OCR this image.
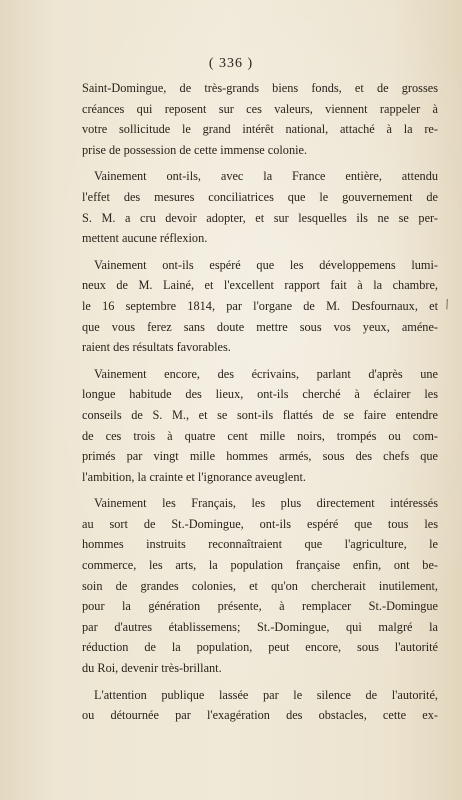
( 336 )
Saint-Domingue, de très-grands biens fonds, et de grosses
créances qui reposent sur ces valeurs, viennent rappeler à
votre sollicitude le grand intérêt national, attaché à la re-
prise de possession de cette immense colonie.
Vainement ont-ils, avec la France entière, attendu
l'effet des mesures conciliatrices que le gouvernement de
S. M. a cru devoir adopter, et sur lesquelles ils ne se per-
mettent aucune réflexion.
Vainement ont-ils espéré que les développemens lumi-
neux de M. Lainé, et l'excellent rapport fait à la chambre,
le 16 septembre 1814, par l'organe de M. Desfournaux, et
que vous ferez sans doute mettre sous vos yeux, améne-
raient des résultats favorables.
Vainement encore, des écrivains, parlant d'après une
longue habitude des lieux, ont-ils cherché à éclairer les
conseils de S. M., et se sont-ils flattés de se faire entendre
de ces trois à quatre cent mille noirs, trompés ou com-
primés par vingt mille hommes armés, sous des chefs que
l'ambition, la crainte et l'ignorance aveuglent.
Vainement les Français, les plus directement intéressés
au sort de St.-Domingue, ont-ils espéré que tous les
hommes instruits reconnaîtraient que l'agriculture, le
commerce, les arts, la population française enfin, ont be-
soin de grandes colonies, et qu'on chercherait inutilement,
pour la génération présente, à remplacer St.-Domingue
par d'autres établissemens; St.-Domingue, qui malgré la
réduction de la population, peut encore, sous l'autorité
du Roi, devenir très-brillant.
L'attention publique lassée par le silence de l'autorité,
ou détournée par l'exagération des obstacles, cette ex-
\
